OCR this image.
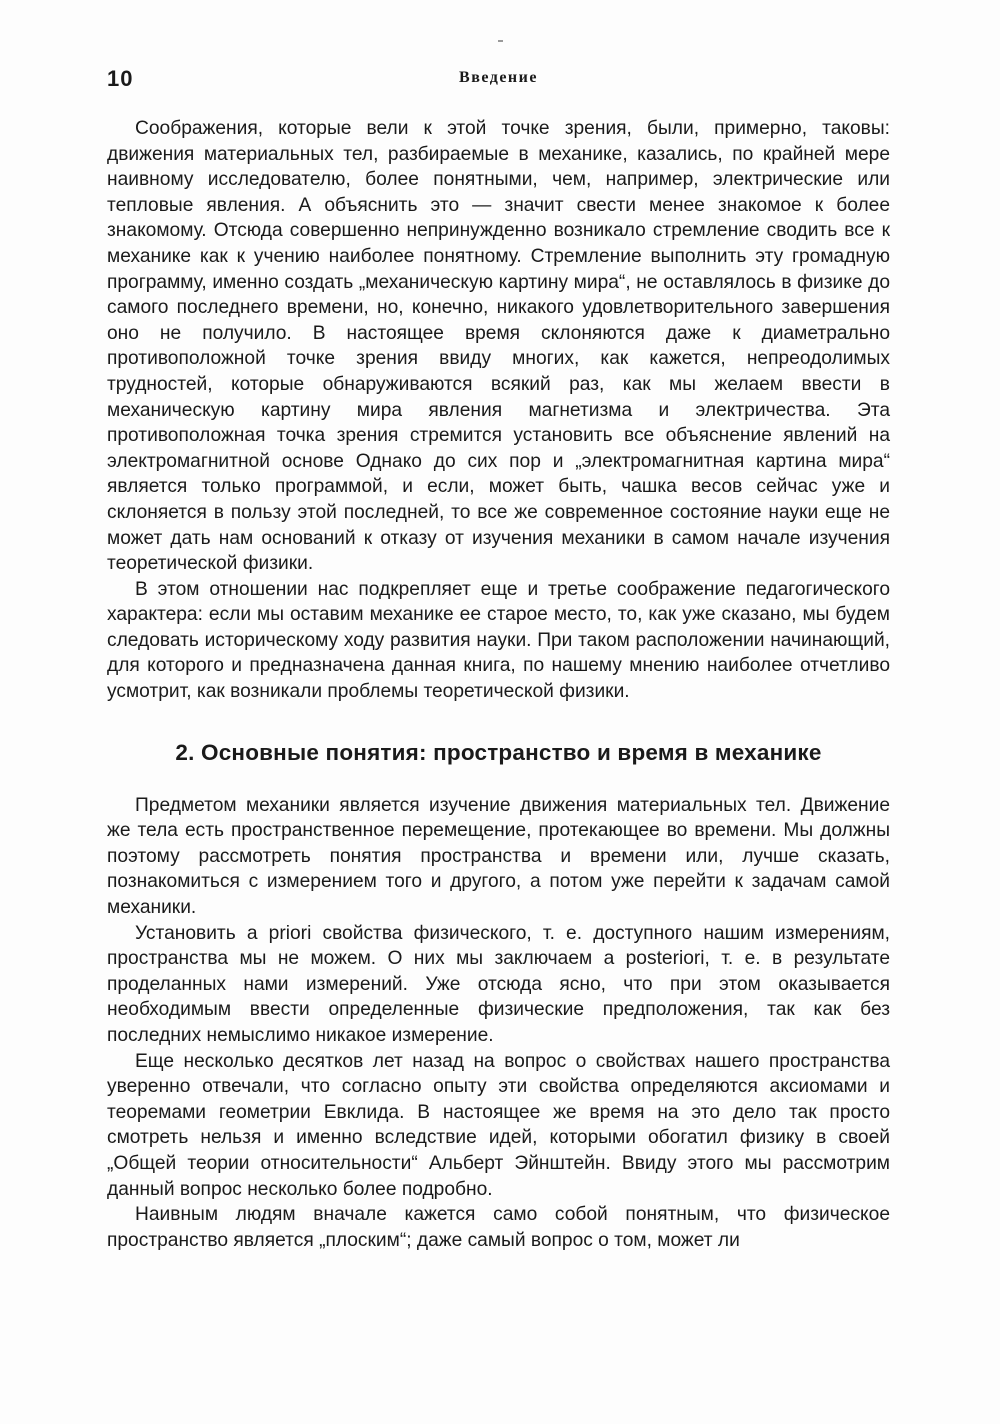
10	Введение

Соображения, которые вели к этой точке зрения, были, примерно, таковы: движения материальных тел, разбираемые в механике, казались, по крайней мере наивному исследователю, более понятными, чем, например, электрические или тепловые явления. А объяснить это — значит свести менее знакомое к более знакомому. Отсюда совершенно непринужденно возникало стремление сводить все к механике как к учению наиболее понятному. Стремление выполнить эту громадную программу, именно создать „механическую картину мира“, не оставлялось в физике до самого последнего времени, но, конечно, никакого удовлетворительного завершения оно не получило. В настоящее время склоняются даже к диаметрально противоположной точке зрения ввиду многих, как кажется, непреодолимых трудностей, которые обнаруживаются всякий раз, как мы желаем ввести в механическую картину мира явления магнетизма и электричества. Эта противоположная точка зрения стремится установить все объяснение явлений на электромагнитной основе Однако до сих пор и „электромагнитная картина мира“ является только программой, и если, может быть, чашка весов сейчас уже и склоняется в пользу этой последней, то все же современное состояние науки еще не может дать нам оснований к отказу от изучения механики в самом начале изучения теоретической физики.

В этом отношении нас подкрепляет еще и третье соображение педагогического характера: если мы оставим механике ее старое место, то, как уже сказано, мы будем следовать историческому ходу развития науки. При таком расположении начинающий, для которого и предназначена данная книга, по нашему мнению наиболее отчетливо усмотрит, как возникали проблемы теоретической физики.

2. Основные понятия: пространство и время в механике

Предметом механики является изучение движения материальных тел. Движение же тела есть пространственное перемещение, протекающее во времени. Мы должны поэтому рассмотреть понятия пространства и времени или, лучше сказать, познакомиться с измерением того и другого, а потом уже перейти к задачам самой механики.

Установить a priori свойства физического, т. е. доступного нашим измерениям, пространства мы не можем. О них мы заключаем a posteriori, т. е. в результате проделанных нами измерений. Уже отсюда ясно, что при этом оказывается необходимым ввести определенные физические предположения, так как без последних немыслимо никакое измерение.

Еще несколько десятков лет назад на вопрос о свойствах нашего пространства уверенно отвечали, что согласно опыту эти свойства определяются аксиомами и теоремами геометрии Евклида. В настоящее же время на это дело так просто смотреть нельзя и именно вследствие идей, которыми обогатил физику в своей „Общей теории относительности“ Альберт Эйнштейн. Ввиду этого мы рассмотрим данный вопрос несколько более подробно.

Наивным людям вначале кажется само собой понятным, что физическое пространство является „плоским“; даже самый вопрос о том, может ли
